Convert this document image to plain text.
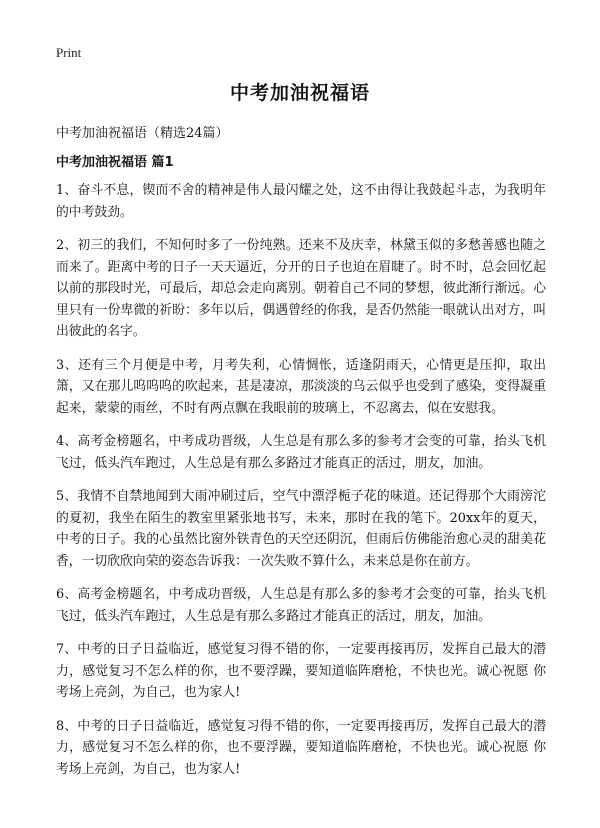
Print
中考加油祝福语
中考加油祝福语（精选24篇）
中考加油祝福语 篇1

1、奋斗不息，锲而不舍的精神是伟人最闪耀之处，这不由得让我鼓起斗志，为我明年的中考鼓劲。

2、初三的我们，不知何时多了一份纯熟。还来不及庆幸，林黛玉似的多愁善感也随之而来了。距离中考的日子一天天逼近，分开的日子也迫在眉睫了。时不时，总会回忆起以前的那段时光，可最后，却总会走向离别。朝着自己不同的梦想，彼此渐行渐远。心里只有一份卑微的祈盼：多年以后，偶遇曾经的你我，是否仍然能一眼就认出对方，叫出彼此的名字。

3、还有三个月便是中考，月考失利，心情惆怅，适逢阴雨天，心情更是压抑，取出箫，又在那儿呜呜呜的吹起来，甚是凄凉，那淡淡的乌云似乎也受到了感染，变得凝重起来，蒙蒙的雨丝，不时有两点飘在我眼前的玻璃上，不忍离去，似在安慰我。

4、高考金榜题名，中考成功晋级，人生总是有那么多的参考才会变的可靠，抬头飞机飞过，低头汽车跑过，人生总是有那么多路过才能真正的活过，朋友，加油。

5、我情不自禁地闻到大雨冲刷过后，空气中漂浮栀子花的味道。还记得那个大雨滂沱的夏初，我坐在陌生的教室里紧张地书写，未来，那时在我的笔下。20xx年的夏天，中考的日子。我的心虽然比窗外铁青色的天空还阴沉，但雨后仿佛能治愈心灵的甜美花香，一切欣欣向荣的姿态告诉我：一次失败不算什么，未来总是你在前方。

6、高考金榜题名，中考成功晋级，人生总是有那么多的参考才会变的可靠，抬头飞机飞过，低头汽车跑过，人生总是有那么多路过才能真正的活过，朋友，加油。

7、中考的日子日益临近，感觉复习得不错的你，一定要再接再厉，发挥自己最大的潜力，感觉复习不怎么样的你，也不要浮躁，要知道临阵磨枪，不快也光。诚心祝愿 你考场上亮剑，为自己，也为家人!

8、中考的日子日益临近，感觉复习得不错的你，一定要再接再厉，发挥自己最大的潜力，感觉复习不怎么样的你，也不要浮躁，要知道临阵磨枪，不快也光。诚心祝愿 你考场上亮剑，为自己，也为家人!
